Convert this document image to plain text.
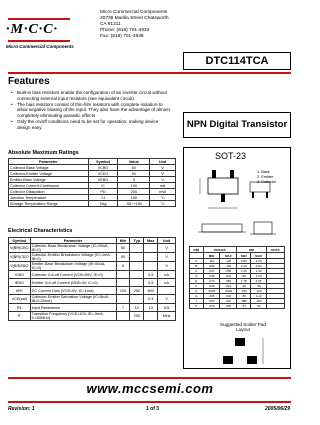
·M·C·C·
Micro Commercial Components
Micro Commercial Components
20736 Marilla Street Chatsworth
CA 91311
Phone: (818) 701-4933
Fax: (818) 701-4939
DTC114TCA
Features
• Built-in bias resistors enable the configuration of an inverter circuit without connecting external input resistors (see equivalent circuit)
• The bias resistors consist of thin-film resistors with complete isolation to allow negative biasing of the input. They also have the advantage of almost completely eliminating parasitic effects
• Only the on/off conditions need to be set for operation, making device design easy.	NPN Digital Transistor
Absolute Maximum Ratings
Parameter	Symbol	Value	Unit
Collector-Base Voltage	VCBO	50	V
Collector-Emitter Voltage	VCEO	50	V
Emitter-Base Voltage	VEBO	5	V
Collector Current-Continuous	IC	100	mA
Collector Dissipation	PD	200	mW
Junction Temperature	TJ	150	°C
Storage Temperature Range	Tstg	-55~+150	°C
Electrical Characteristics
Symbol	Parameter	Min	Typ	Max	Unit
V(BR)CBO	Collector-Base Breakdown Voltage (IC=50uA, IE=0)	50			V
V(BR)CEO	Collector-Emitter Breakdown Voltage (IC=1mA, IB=0)	50			V
V(BR)EBO	Emitter-Base Breakdown Voltage (IE=50uA, IC=0)	5			V
ICBO	Collector Cut-off Current (VCB=50V, IE=0)			0.5	uA
IEBO	Emitter Cut-off Current (VEB=4V, IC=0)			0.5	uA
hFE	DC Current Gain (VCE=5V, IC=1mA)	100	250	600	
VCE(sat)	Collector-Emitter Saturation Voltage (IC=5mA, IB=0.25mA)			0.3	V
R1	Input Resistance	7	10	13	KΩ
fT	Transition Frequency (VCE=10V, IE=-5mA, f=100MHz)		250		MHz
SOT-23
1. Base
2. Emitter
3. Collector
DIM	INCHES		MM		NOTE
	MIN	MAX	MIN	MAX	
A	.110	.120	2.80	3.04	
B	.083	.104	2.10	2.64	
C	.047	.055	1.20	1.40	
D	.035	.041	.89	1.03	
E	.070	.081	1.78	2.05	
F	.018	.024	.45	.60	
G	.0005	.0039	.013	.100	
H	.035	.044	.89	1.12	
J	.003	.007	.085	.180	
K	.015	.020	.37	.51	
Suggested Solder Pad Layout
www.mccsemi.com
Revision: 1	1 of 3	2005/06/29
